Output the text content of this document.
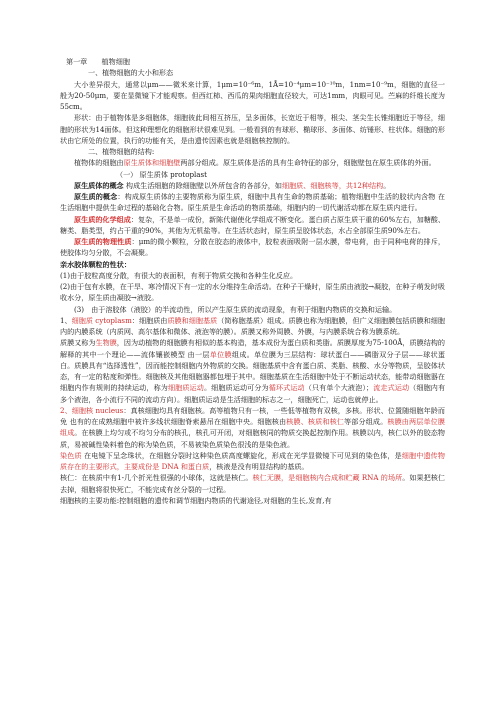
第一章 植物细胞

一、植物细胞的大小和形态

大小差异很大，通常以μm——微米来计算，1μm=10⁻⁶m，1Å=10⁻⁴μm=10⁻¹⁰m，1nm=10⁻⁹m，细胞的直径一般为20-50μm，要在显微镜下才能观察。但西红柿、西瓜的果肉细胞直径较大，可达1mm，肉眼可见。苎麻的纤维长度为55cm。

形状：由于植物体是多细胞体，细胞彼此间相互挤压，呈多面体，长宽近于相等，根尖、茎尖生长锥细胞近于等径，细胞的形状为14面体。但这种理想化的细胞形状很难见到。一般看到的有球形、椭球形、多面体、纺锤形、柱状体。细胞的形状由它所处的位置，执行的功能有关，是由遗传因素也就是细胞核控制的。

二、植物细胞的结构:

植物体的细胞由原生质体和细胞壁两部分组成。原生质体是活的具有生命特征的部分，细胞壁包在原生质体的外面。

（一） 原生质体 protoplast

原生质体的概念 构成生活细胞的除细胞壁以外所包含的各部分，如细胞质、细胞核等，共12种结构。

原生质的概念：构成原生质体的主要物质称为原生质，细胞中具有生命的物质基础；植物细胞中生活的胶状内含物 在生活细胞中提供生命过程的基础化合物。原生质是生命活动的物质基础，细胞内的一切代谢活动都在原生质内进行。

原生质的化学组成：复杂，不是单一成份，新陈代谢使化学组成不断变化。蛋白质占原生质干重的60%左右，加糖酸、糖类、脂类型，约占干重的90%，其他为无机盐等。在生活状态时，原生质呈胶体状态，水占全部原生质90%左右。

原生质的物理性质：μm的微小颗粒，分散在胶态的液体中，胶粒表面吸附一层水膜，带电荷，由于同种电荷的排斥，使胶体均匀分散，不会凝聚。

亲水胶体颗粒的性状：

(1)由于胶粒高度分散，有很大的表面积，有利于物质交换和各种生化反应。

(2)由于包有水膜，在干旱、寒冷情况下有一定的水分维持生命活动。在种子干燥时，原生质由液胶→凝胶，在种子萌发时吸收水分，原生质由凝胶→液胶。

(3)　由于溶胶体（液胶）的半流动性，所以产生原生质的流动现象，有利于细胞内物质的交换和运输。

1、细胞质 cytoplasm：细胞质由质膜和细胞基质（简称胞基质）组成。质膜也称为细胞膜，但广义细胞膜包括质膜和细胞内的内膜系统（内质网、高尔基体和微体、液泡等的膜）。质膜又称外周膜、外膜，与内膜系统合称为膜系统。

质膜又称为生物膜，因为动植物的细胞膜有相似的基本构造，基本成份为蛋白质和类脂。质膜厚度为75-100Å，质膜结构的解释的其中一个理论——流体镶嵌模型 由一层单位膜组成。单位膜为三层结构：球状蛋白——磷脂双分子层——球状蛋白。质膜具有“选择透性”，因而能控制细胞内外物质的交换。细胞基质中含有蛋白质、类脂、核酸、水分等物质，呈胶体状态，有一定的粘度和弹性。细胞核及其他细胞器都包埋于其中。细胞基质在生活细胞中处于不断运动状态，能带动细胞器在细胞内作有规则的持续运动，称为细胞质运动。细胞质运动可分为循环式运动（只有单个大液泡）；流走式运动（细胞内有多个液泡，各小流行不同的流动方向）。细胞质运动是生活细胞的标志之一，细胞死亡，运动也就停止。

2、细胞核 nucleus：真核细胞均具有细胞核。高等植物只有一核，一些低等植物有双核，多核。形状、位置随细胞年龄而免 也有的在成熟细胞中被许多线状细胞脊索悬吊在细胞中央。细胞核由核膜、核质和核仁等部分组成。核膜由两层单位膜组成。在核膜上均匀或不均匀分布的核孔，核孔可开闭，对细胞核同的物质交换起控制作用。核膜以内，核仁以外的胶态物质，易被碱性染料着色的称为染色质，不易被染色质染色很浅的是染色液。

染色质 在电镜下呈念珠状，在细胞分裂时这种染色质高度螺旋化，形成在光学显微镜下可见到的染色体，是细胞中遗传物质存在的主要形式，主要成份是 DNA 和蛋白质，核液是没有明显结构的基质。

核仁：在核质中有1-几个折光性很强的小球体，这就是核仁。核仁无膜，是细胞核内合成和贮藏 RNA 的场所。如果把核仁去掉，细胞将很快死亡，不能完成有丝分裂的一过程。

细胞核的主要功能:控制细胞的遗传和调节细胞内物质的代谢途径,对细胞的生长,发育,有
